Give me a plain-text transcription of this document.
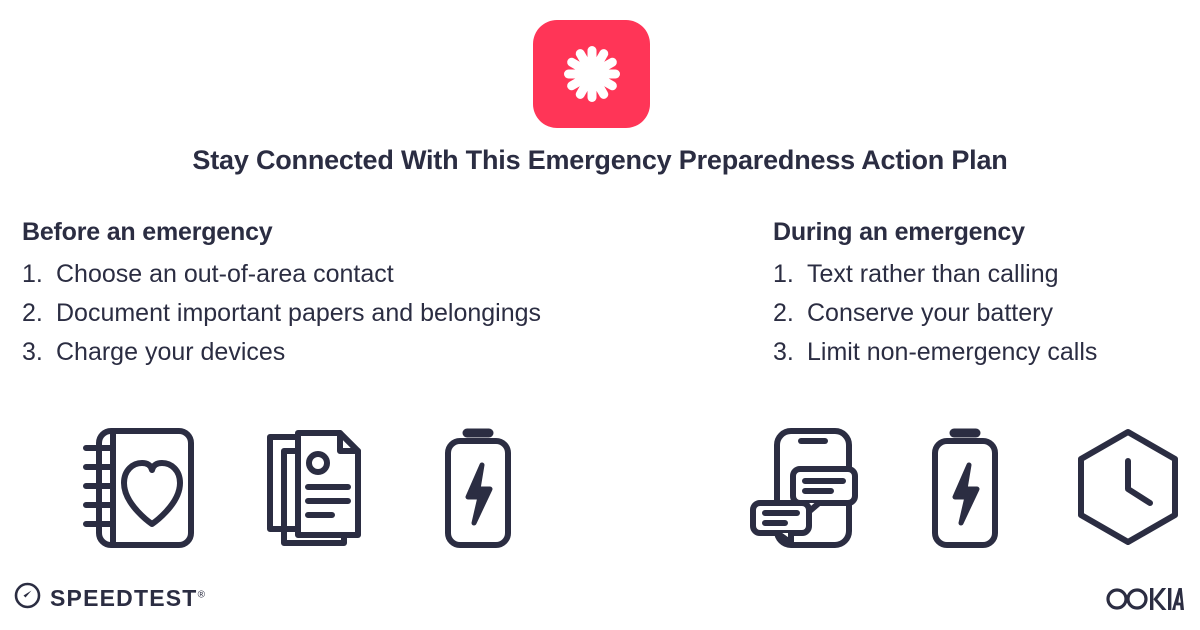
Stay Connected With This Emergency Preparedness Action Plan
Before an emergency
1. Choose an out-of-area contact
2. Document important papers and belongings
3. Charge your devices
During an emergency
1. Text rather than calling
2. Conserve your battery
3. Limit non-emergency calls
SPEEDTEST®
